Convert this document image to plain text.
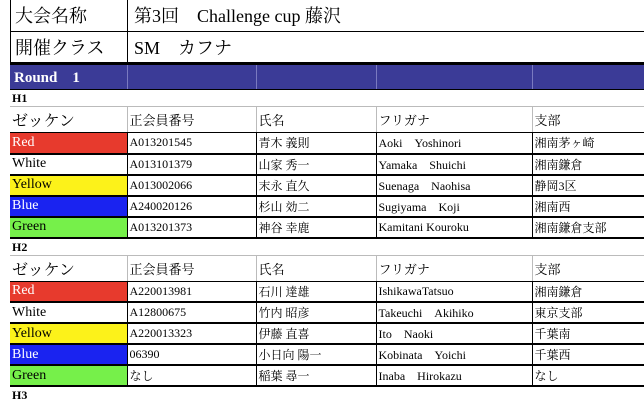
大会名称	第3回　Challenge cup 藤沢
開催クラス	SM　カフナ
Round　1				
H1
ゼッケン	正会員番号	氏名	フリガナ	支部
Red	A013201545	青木 義則	Aoki　Yoshinori	湘南茅ヶ崎
White	A013101379	山家 秀一	Yamaka　Shuichi	湘南鎌倉
Yellow	A013002066	末永 直久	Suenaga　Naohisa	静岡3区
Blue	A240020126	杉山 効二	Sugiyama　Koji	湘南西
Green	A013201373	神谷 幸鹿	Kamitani Kouroku	湘南鎌倉支部
H2
ゼッケン	正会員番号	氏名	フリガナ	支部
Red	A220013981	石川 達雄	IshikawaTatsuo	湘南鎌倉
White	A12800675	竹内 昭彦	Takeuchi　Akihiko	東京支部
Yellow	A220013323	伊藤 直喜	Ito　Naoki	千葉南
Blue	06390	小日向 陽一	Kobinata　Yoichi	千葉西
Green	なし	稲葉 尋一	Inaba　Hirokazu	なし
H3
